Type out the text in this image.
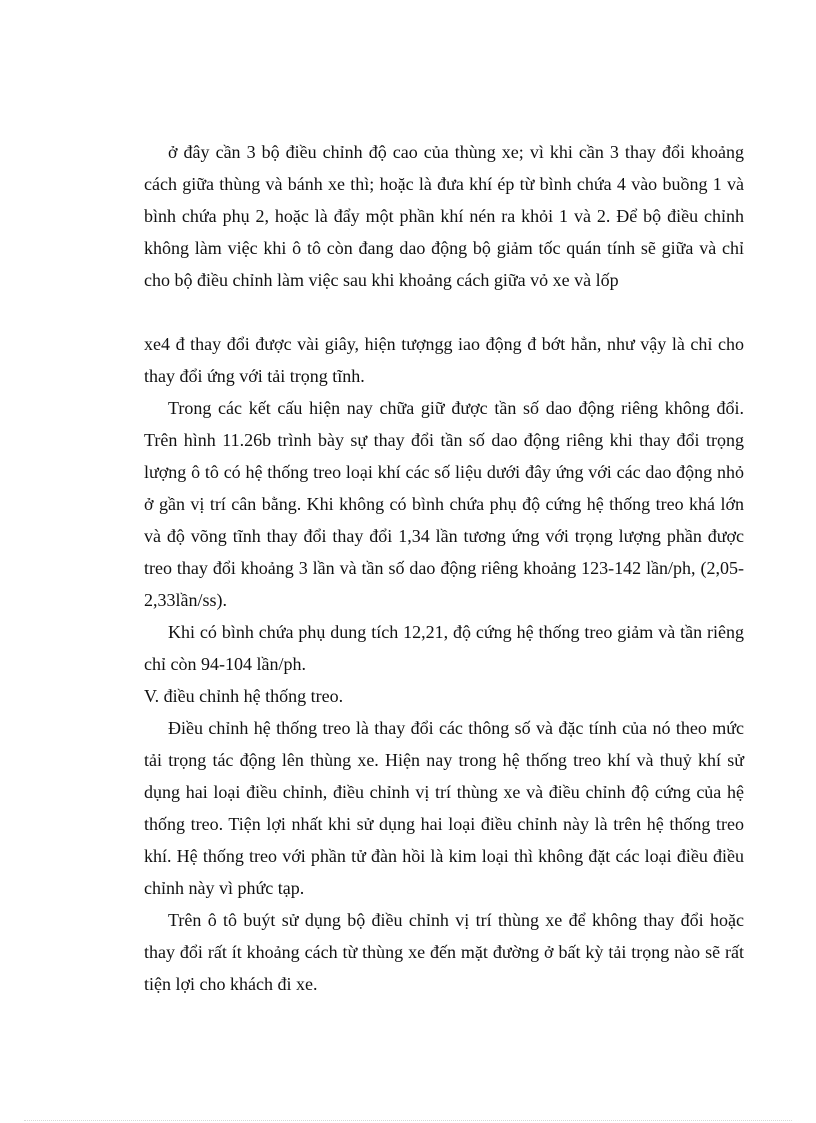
ở đây cần 3 bộ điều chỉnh độ cao của thùng xe; vì khi cần 3 thay đổi khoảng cách giữa thùng và bánh xe thì; hoặc là đưa khí ép từ bình chứa 4 vào buồng 1 và bình chứa phụ 2, hoặc là đẩy một phần khí nén ra khỏi 1 và 2. Để bộ điều chỉnh không làm việc khi ô tô còn đang dao động bộ giảm tốc quán tính sẽ giữa và chỉ cho bộ điều chỉnh làm việc sau khi khoảng cách giữa vỏ xe và lốp

xe4 đ thay đổi được vài giây, hiện tượngg iao động đ bớt hẳn, như vậy là chỉ cho thay đổi ứng với tải trọng tĩnh.

Trong các kết cấu hiện nay chữa giữ được tần số dao động riêng không đổi. Trên hình 11.26b trình bày sự thay đổi tần số dao động riêng khi thay đổi trọng lượng ô tô có hệ thống treo loại khí các số liệu dưới đây ứng với các dao động nhỏ ở gần vị trí cân bằng. Khi không có bình chứa phụ độ cứng hệ thống treo khá lớn và độ võng tĩnh thay đổi thay đổi 1,34 lần tương ứng với trọng lượng phần được treo thay đổi khoảng 3 lần và tần số dao động riêng khoảng 123-142 lần/ph, (2,05-2,33lần/ss).

Khi có bình chứa phụ dung tích 12,21, độ cứng hệ thống treo giảm và tần riêng chỉ còn 94-104 lần/ph.

V. điều chỉnh hệ thống treo.

Điều chỉnh hệ thống treo là thay đổi các thông số và đặc tính của nó theo mức tải trọng tác động lên thùng xe. Hiện nay trong hệ thống treo khí và thuỷ khí sử dụng hai loại điều chỉnh, điều chỉnh vị trí thùng xe và điều chỉnh độ cứng của hệ thống treo. Tiện lợi nhất khi sử dụng hai loại điều chỉnh này là trên hệ thống treo khí. Hệ thống treo với phần tử đàn hồi là kim loại thì không đặt các loại điều điều chỉnh này vì phức tạp.

Trên ô tô buýt sử dụng bộ điều chỉnh vị trí thùng xe để không thay đổi hoặc thay đổi rất ít khoảng cách từ thùng xe đến mặt đường ở bất kỳ tải trọng nào sẽ rất tiện lợi cho khách đi xe.
